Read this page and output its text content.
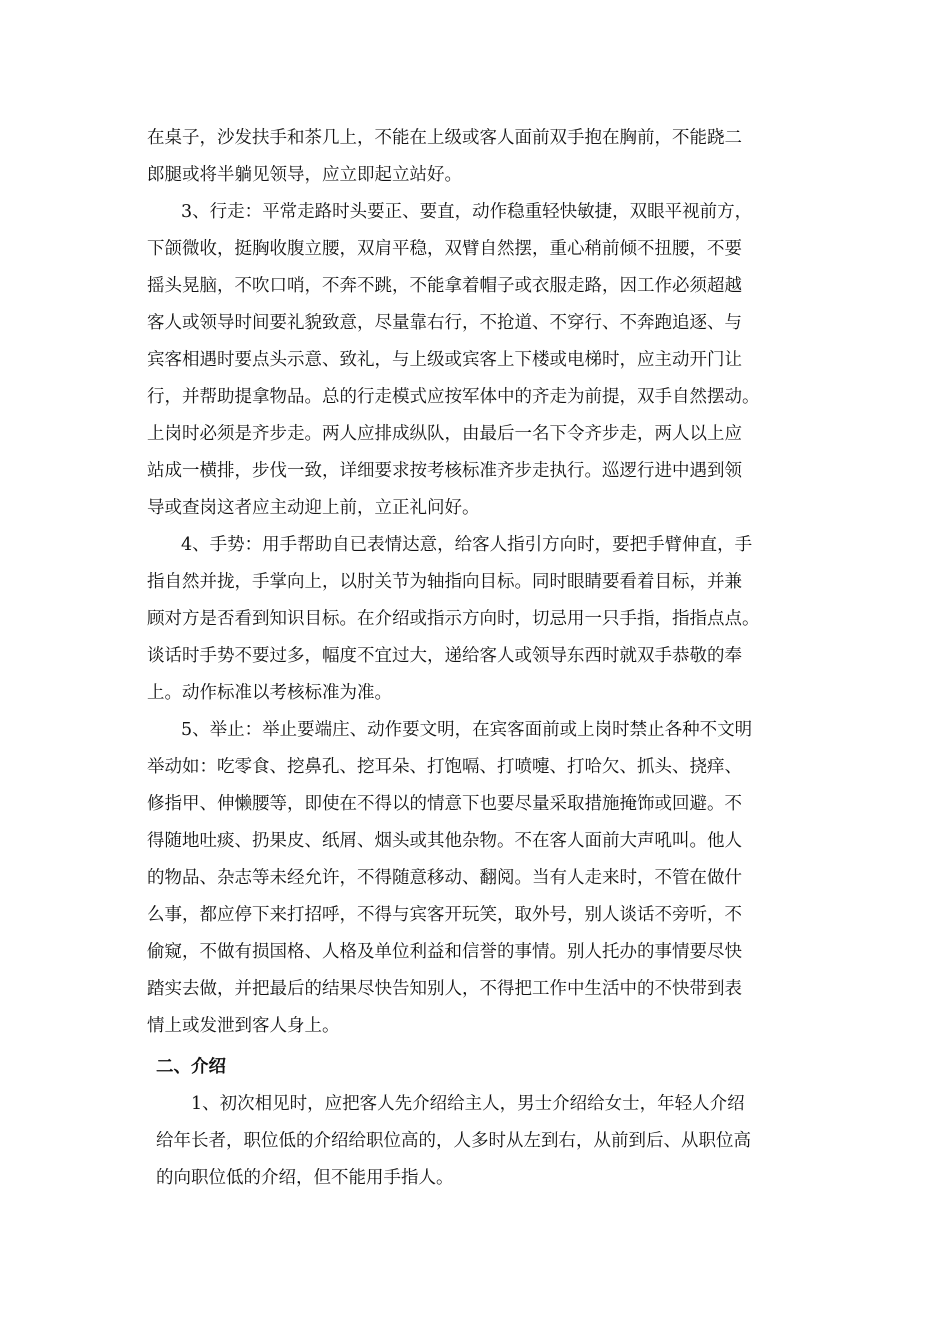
在桌子，沙发扶手和茶几上，不能在上级或客人面前双手抱在胸前，不能跷二
郎腿或将半躺见领导，应立即起立站好。
3、行走：平常走路时头要正、要直，动作稳重轻快敏捷，双眼平视前方，
下颌微收，挺胸收腹立腰，双肩平稳，双臂自然摆，重心稍前倾不扭腰，不要
摇头晃脑，不吹口哨，不奔不跳，不能拿着帽子或衣服走路，因工作必须超越
客人或领导时间要礼貌致意，尽量靠右行，不抢道、不穿行、不奔跑追逐、与
宾客相遇时要点头示意、致礼，与上级或宾客上下楼或电梯时，应主动开门让
行，并帮助提拿物品。总的行走模式应按军体中的齐走为前提，双手自然摆动。
上岗时必须是齐步走。两人应排成纵队，由最后一名下令齐步走，两人以上应
站成一横排，步伐一致，详细要求按考核标准齐步走执行。巡逻行进中遇到领
导或查岗这者应主动迎上前，立正礼问好。
4、手势：用手帮助自已表情达意，给客人指引方向时，要把手臂伸直，手
指自然并拢，手掌向上，以肘关节为轴指向目标。同时眼睛要看着目标，并兼
顾对方是否看到知识目标。在介绍或指示方向时，切忌用一只手指，指指点点。
谈话时手势不要过多，幅度不宜过大，递给客人或领导东西时就双手恭敬的奉
上。动作标准以考核标准为准。
5、举止：举止要端庄、动作要文明，在宾客面前或上岗时禁止各种不文明
举动如：吃零食、挖鼻孔、挖耳朵、打饱嗝、打喷嚏、打哈欠、抓头、挠痒、
修指甲、伸懒腰等，即使在不得以的情意下也要尽量采取措施掩饰或回避。不
得随地吐痰、扔果皮、纸屑、烟头或其他杂物。不在客人面前大声吼叫。他人
的物品、杂志等未经允许，不得随意移动、翻阅。当有人走来时，不管在做什
么事，都应停下来打招呼，不得与宾客开玩笑，取外号，别人谈话不旁听，不
偷窥，不做有损国格、人格及单位利益和信誉的事情。别人托办的事情要尽快
踏实去做，并把最后的结果尽快告知别人，不得把工作中生活中的不快带到表
情上或发泄到客人身上。
二、介绍
1、初次相见时，应把客人先介绍给主人，男士介绍给女士，年轻人介绍
给年长者，职位低的介绍给职位高的，人多时从左到右，从前到后、从职位高
的向职位低的介绍，但不能用手指人。
